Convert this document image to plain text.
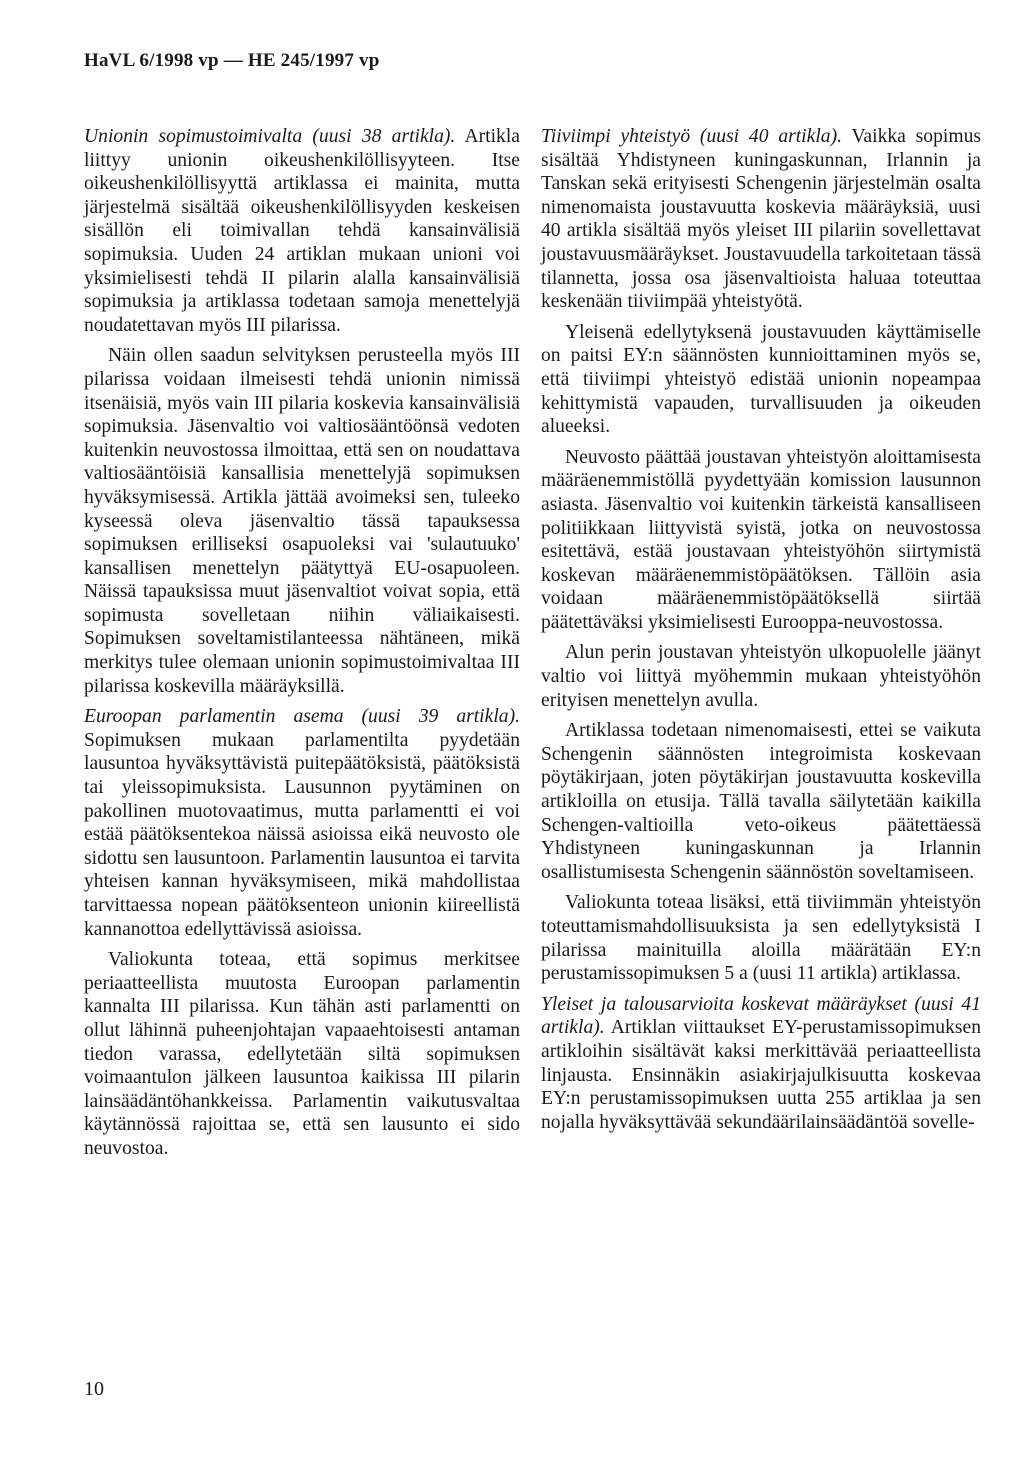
HaVL 6/1998 vp — HE 245/1997 vp

Unionin sopimustoimivalta (uusi 38 artikla). Artikla liittyy unionin oikeushenkilöllisyyteen. Itse oikeushenkilöllisyyttä artiklassa ei mainita, mutta järjestelmä sisältää oikeushenkilöllisyyden keskeisen sisällön eli toimivallan tehdä kansainvälisiä sopimuksia. Uuden 24 artiklan mukaan unioni voi yksimielisesti tehdä II pilarin alalla kansainvälisiä sopimuksia ja artiklassa todetaan samoja menettelyjä noudatettavan myös III pilarissa.

Näin ollen saadun selvityksen perusteella myös III pilarissa voidaan ilmeisesti tehdä unionin nimissä itsenäisiä, myös vain III pilaria koskevia kansainvälisiä sopimuksia. Jäsenvaltio voi valtiosääntöönsä vedoten kuitenkin neuvostossa ilmoittaa, että sen on noudattava valtiosääntöisiä kansallisia menettelyjä sopimuksen hyväksymisessä. Artikla jättää avoimeksi sen, tuleeko kyseessä oleva jäsenvaltio tässä tapauksessa sopimuksen erilliseksi osapuoleksi vai 'sulautuuko' kansallisen menettelyn päätyttyä EU-osapuoleen. Näissä tapauksissa muut jäsenvaltiot voivat sopia, että sopimusta sovelletaan niihin väliaikaisesti. Sopimuksen soveltamistilanteessa nähtäneen, mikä merkitys tulee olemaan unionin sopimustoimivaltaa III pilarissa koskevilla määräyksillä.

Euroopan parlamentin asema (uusi 39 artikla). Sopimuksen mukaan parlamentilta pyydetään lausuntoa hyväksyttävistä puitepäätöksistä, päätöksistä tai yleissopimuksista. Lausunnon pyytäminen on pakollinen muotovaatimus, mutta parlamentti ei voi estää päätöksentekoa näissä asioissa eikä neuvosto ole sidottu sen lausuntoon. Parlamentin lausuntoa ei tarvita yhteisen kannan hyväksymiseen, mikä mahdollistaa tarvittaessa nopean päätöksenteon unionin kiireellistä kannanottoa edellyttävissä asioissa.

Valiokunta toteaa, että sopimus merkitsee periaatteellista muutosta Euroopan parlamentin kannalta III pilarissa. Kun tähän asti parlamentti on ollut lähinnä puheenjohtajan vapaaehtoisesti antaman tiedon varassa, edellytetään siltä sopimuksen voimaantulon jälkeen lausuntoa kaikissa III pilarin lainsäädäntöhankkeissa. Parlamentin vaikutusvaltaa käytännössä rajoittaa se, että sen lausunto ei sido neuvostoa.

Tiiviimpi yhteistyö (uusi 40 artikla). Vaikka sopimus sisältää Yhdistyneen kuningaskunnan, Irlannin ja Tanskan sekä erityisesti Schengenin järjestelmän osalta nimenomaista joustavuutta koskevia määräyksiä, uusi 40 artikla sisältää myös yleiset III pilariin sovellettavat joustavuusmääräykset. Joustavuudella tarkoitetaan tässä tilannetta, jossa osa jäsenvaltioista haluaa toteuttaa keskenään tiiviimpää yhteistyötä.

Yleisenä edellytyksenä joustavuuden käyttämiselle on paitsi EY:n säännösten kunnioittaminen myös se, että tiiviimpi yhteistyö edistää unionin nopeampaa kehittymistä vapauden, turvallisuuden ja oikeuden alueeksi.

Neuvosto päättää joustavan yhteistyön aloittamisesta määräenemmistöllä pyydettyään komission lausunnon asiasta. Jäsenvaltio voi kuitenkin tärkeistä kansalliseen politiikkaan liittyvistä syistä, jotka on neuvostossa esitettävä, estää joustavaan yhteistyöhön siirtymistä koskevan määräenemmistöpäätöksen. Tällöin asia voidaan määräenemmistöpäätöksellä siirtää päätettäväksi yksimielisesti Eurooppa-neuvostossa.

Alun perin joustavan yhteistyön ulkopuolelle jäänyt valtio voi liittyä myöhemmin mukaan yhteistyöhön erityisen menettelyn avulla.

Artiklassa todetaan nimenomaisesti, ettei se vaikuta Schengenin säännösten integroimista koskevaan pöytäkirjaan, joten pöytäkirjan joustavuutta koskevilla artikloilla on etusija. Tällä tavalla säilytetään kaikilla Schengen-valtioilla veto-oikeus päätettäessä Yhdistyneen kuningaskunnan ja Irlannin osallistumisesta Schengenin säännöstön soveltamiseen.

Valiokunta toteaa lisäksi, että tiiviimmän yhteistyön toteuttamismahdollisuuksista ja sen edellytyksistä I pilarissa mainituilla aloilla määrätään EY:n perustamissopimuksen 5 a (uusi 11 artikla) artiklassa.

Yleiset ja talousarvioita koskevat määräykset (uusi 41 artikla). Artiklan viittaukset EY-perustamissopimuksen artikloihin sisältävät kaksi merkittävää periaatteellista linjausta. Ensinnäkin asiakirjajulkisuutta koskevaa EY:n perustamissopimuksen uutta 255 artiklaa ja sen nojalla hyväksyttävää sekundäärilainsäädäntöä sovelle-

10
